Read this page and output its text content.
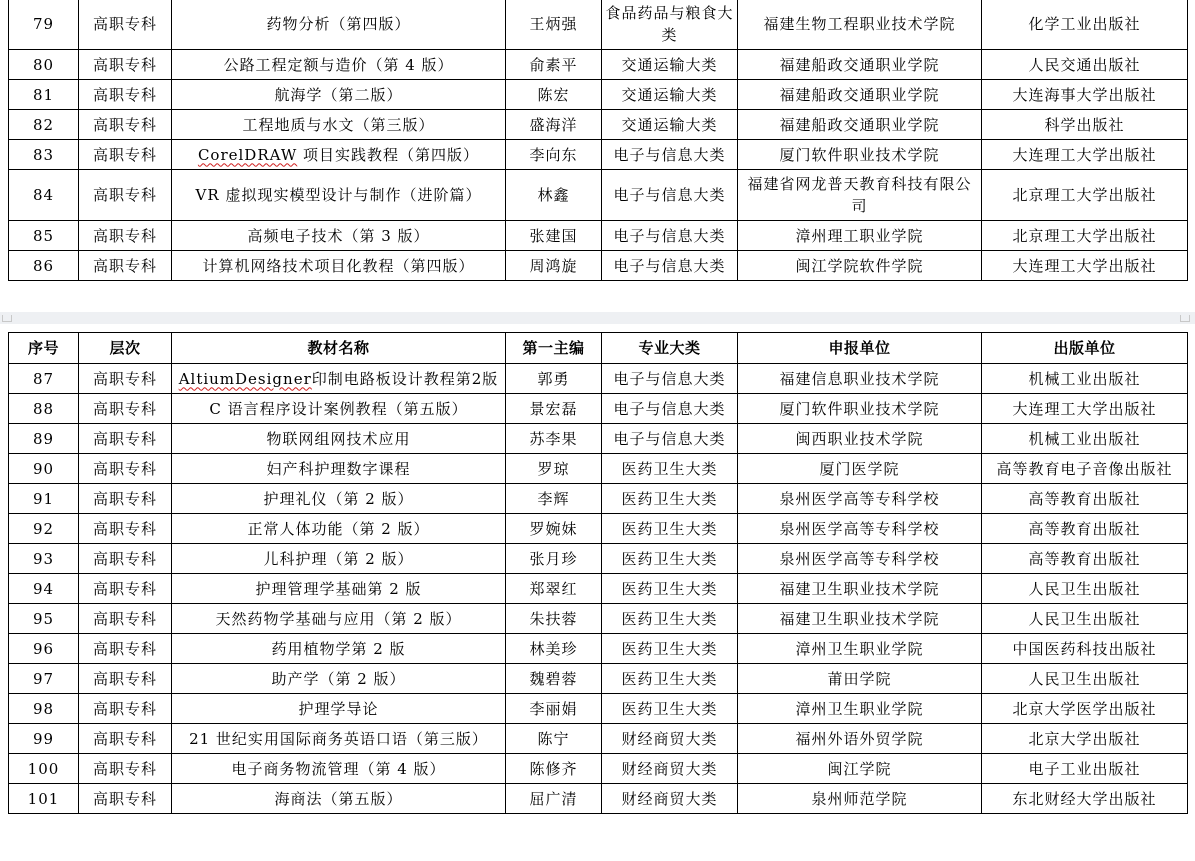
79	高职专科	药物分析（第四版）	王炳强	食品药品与粮食大类	福建生物工程职业技术学院	化学工业出版社
80	高职专科	公路工程定额与造价（第 4 版）	俞素平	交通运输大类	福建船政交通职业学院	人民交通出版社
81	高职专科	航海学（第二版）	陈宏	交通运输大类	福建船政交通职业学院	大连海事大学出版社
82	高职专科	工程地质与水文（第三版）	盛海洋	交通运输大类	福建船政交通职业学院	科学出版社
83	高职专科	CorelDRAW 项目实践教程（第四版）	李向东	电子与信息大类	厦门软件职业技术学院	大连理工大学出版社
84	高职专科	VR 虚拟现实模型设计与制作（进阶篇）	林鑫	电子与信息大类	福建省网龙普天教育科技有限公司	北京理工大学出版社
85	高职专科	高频电子技术（第 3 版）	张建国	电子与信息大类	漳州理工职业学院	北京理工大学出版社
86	高职专科	计算机网络技术项目化教程（第四版）	周鸿旋	电子与信息大类	闽江学院软件学院	大连理工大学出版社
序号	层次	教材名称	第一主编	专业大类	申报单位	出版单位
87	高职专科	AltiumDesigner印制电路板设计教程第2版	郭勇	电子与信息大类	福建信息职业技术学院	机械工业出版社
88	高职专科	C 语言程序设计案例教程（第五版）	景宏磊	电子与信息大类	厦门软件职业技术学院	大连理工大学出版社
89	高职专科	物联网组网技术应用	苏李果	电子与信息大类	闽西职业技术学院	机械工业出版社
90	高职专科	妇产科护理数字课程	罗琼	医药卫生大类	厦门医学院	高等教育电子音像出版社
91	高职专科	护理礼仪（第 2 版）	李辉	医药卫生大类	泉州医学高等专科学校	高等教育出版社
92	高职专科	正常人体功能（第 2 版）	罗婉妹	医药卫生大类	泉州医学高等专科学校	高等教育出版社
93	高职专科	儿科护理（第 2 版）	张月珍	医药卫生大类	泉州医学高等专科学校	高等教育出版社
94	高职专科	护理管理学基础第 2 版	郑翠红	医药卫生大类	福建卫生职业技术学院	人民卫生出版社
95	高职专科	天然药物学基础与应用（第 2 版）	朱扶蓉	医药卫生大类	福建卫生职业技术学院	人民卫生出版社
96	高职专科	药用植物学第 2 版	林美珍	医药卫生大类	漳州卫生职业学院	中国医药科技出版社
97	高职专科	助产学（第 2 版）	魏碧蓉	医药卫生大类	莆田学院	人民卫生出版社
98	高职专科	护理学导论	李丽娟	医药卫生大类	漳州卫生职业学院	北京大学医学出版社
99	高职专科	21 世纪实用国际商务英语口语（第三版）	陈宁	财经商贸大类	福州外语外贸学院	北京大学出版社
100	高职专科	电子商务物流管理（第 4 版）	陈修齐	财经商贸大类	闽江学院	电子工业出版社
101	高职专科	海商法（第五版）	屈广清	财经商贸大类	泉州师范学院	东北财经大学出版社
